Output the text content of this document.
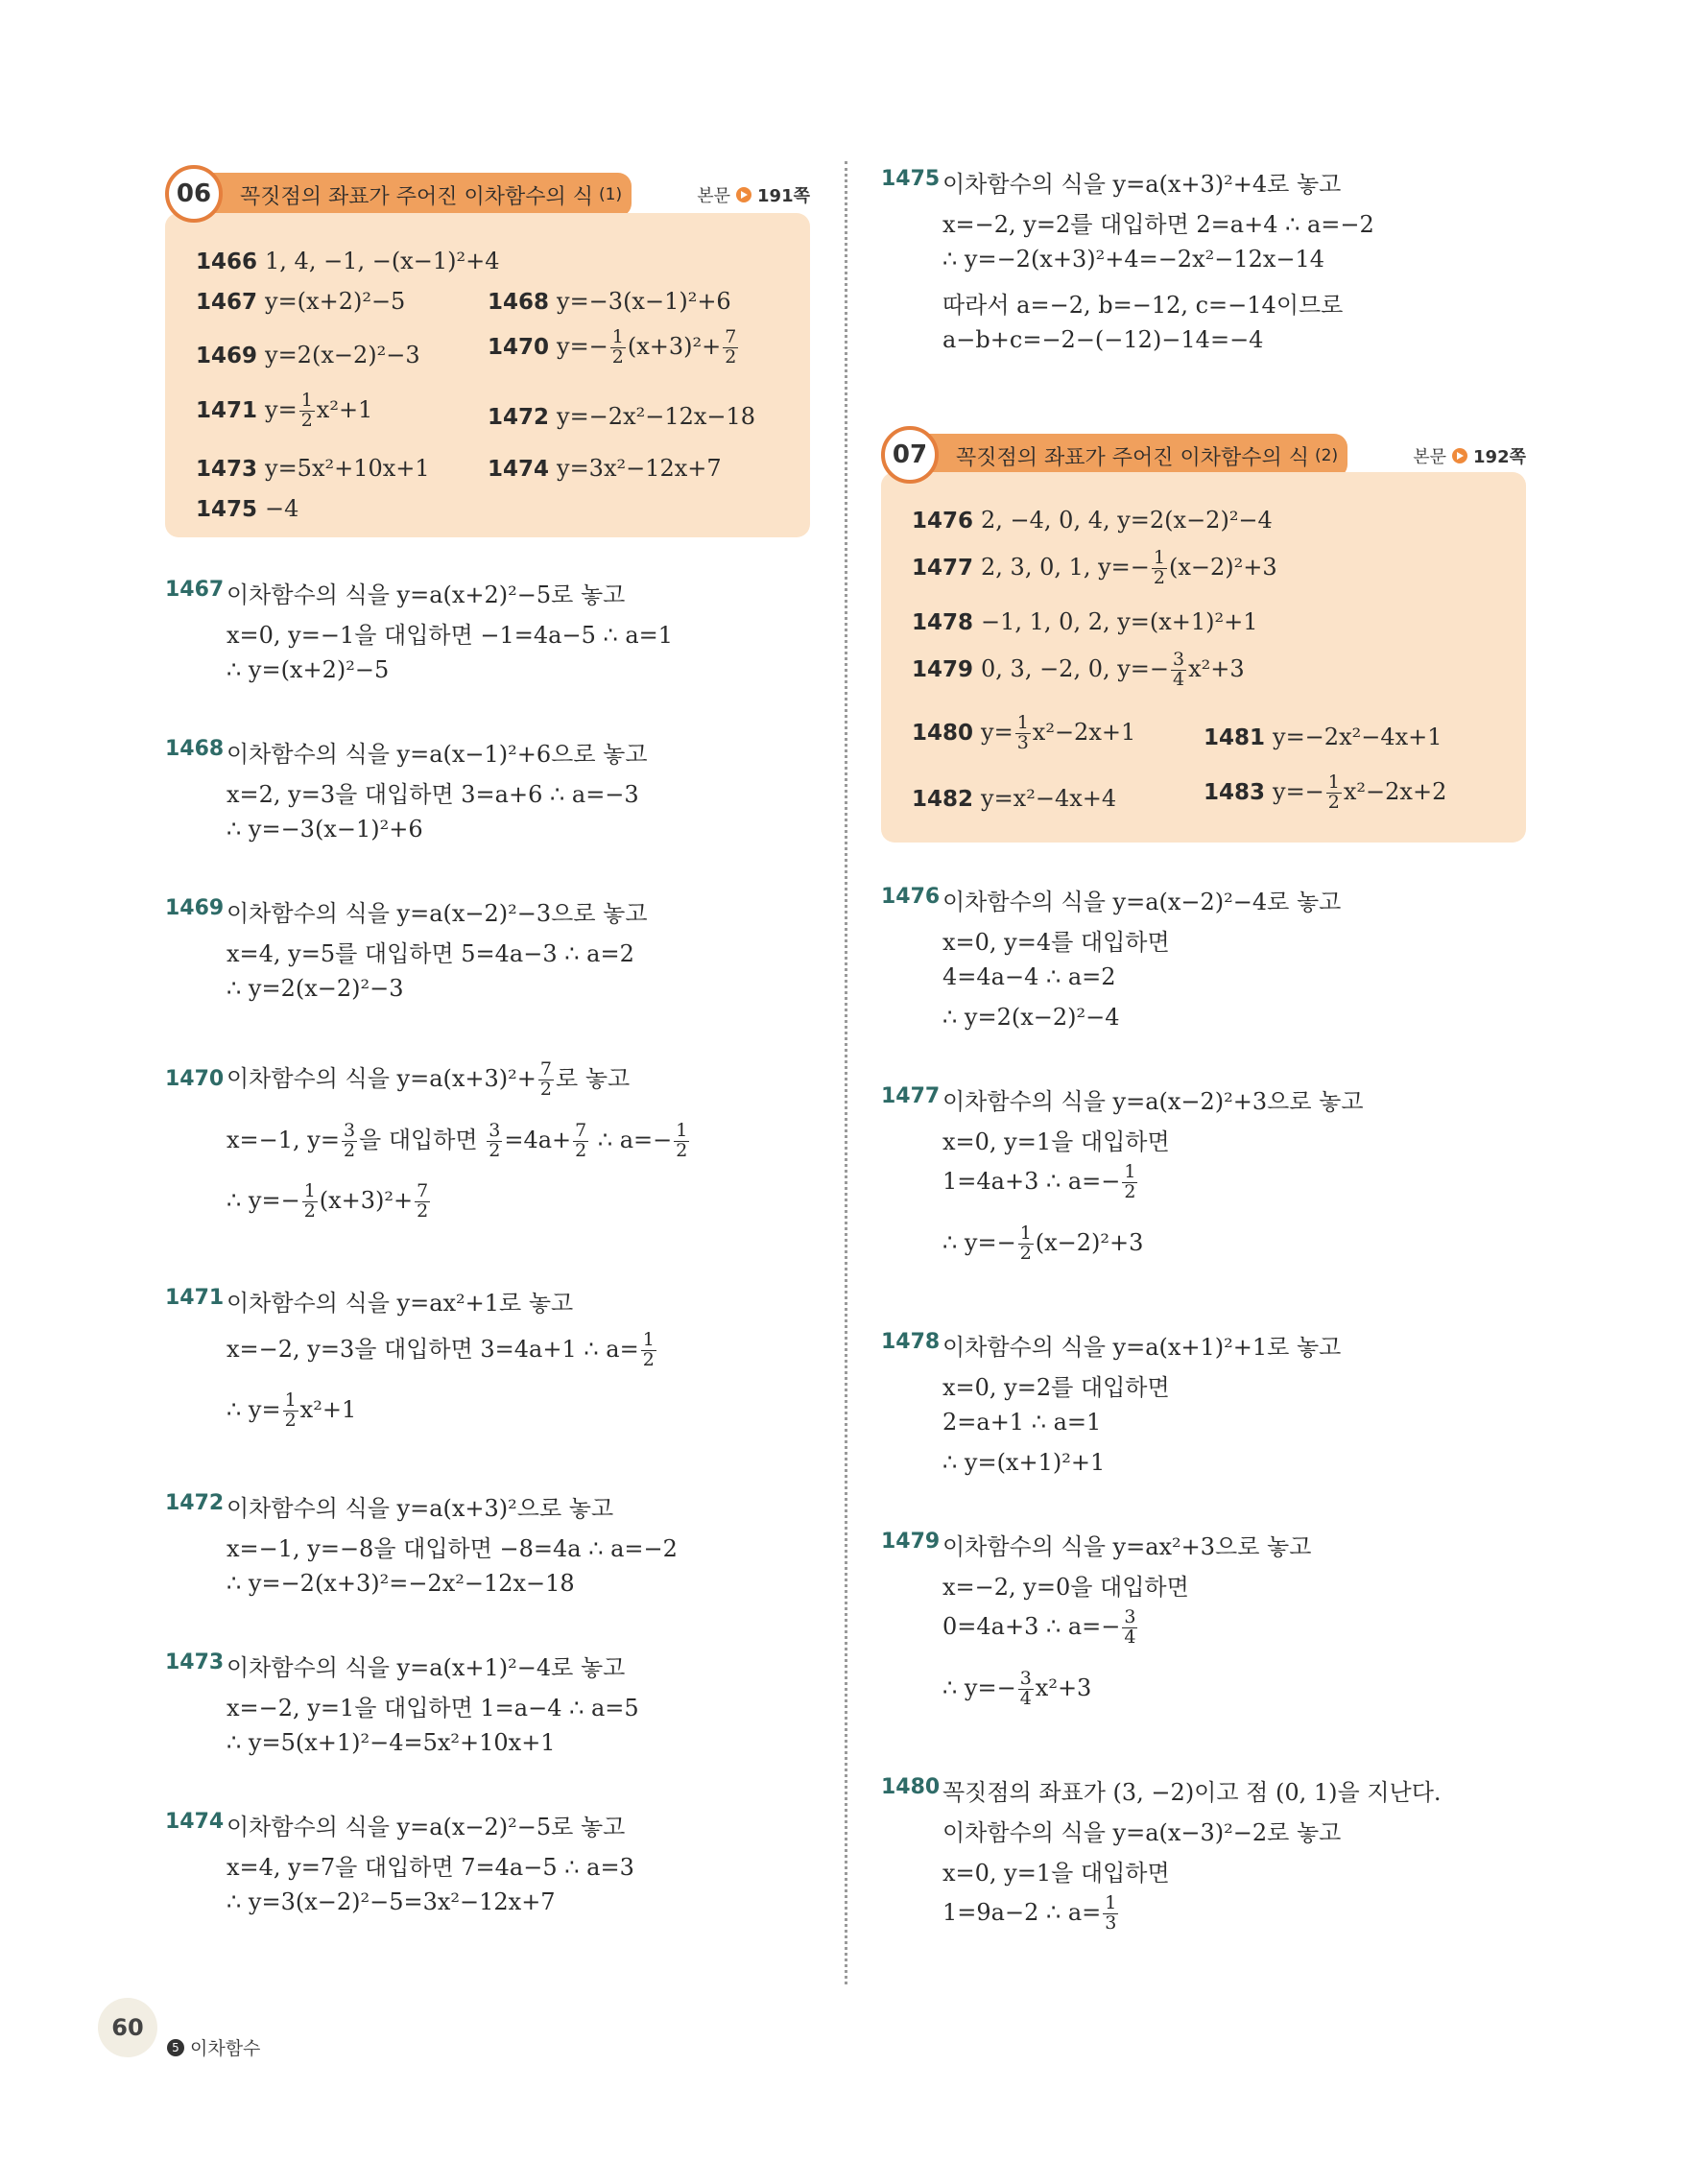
06	꼭짓점의 좌표가 주어진 이차함수의 식 (1)	본문 191쪽
1466 1, 4, −1, −(x−1)²+4
1467 y=(x+2)²−5	1468 y=−3(x−1)²+6
1469 y=2(x−2)²−3	1470 $y=- \frac{1}{2} (x+3)^2+ \frac{7}{2}$
1471 $y= \frac{1}{2} x^2+1$	1472 y=−2x²−12x−18
1473 y=5x²+10x+1	1474 y=3x²−12x+7
1475 −4
1467 이차함수의 식을 y=a(x+2)²−5로 놓고
x=0, y=−1을 대입하면 −1=4a−5 ∴ a=1
∴ y=(x+2)²−5
1468 이차함수의 식을 y=a(x−1)²+6으로 놓고
x=2, y=3을 대입하면 3=a+6 ∴ a=−3
∴ y=−3(x−1)²+6
1469 이차함수의 식을 y=a(x−2)²−3으로 놓고
x=4, y=5를 대입하면 5=4a−3 ∴ a=2
∴ y=2(x−2)²−3
1470 이차함수의 식을 $y=a(x+3)^2+ \frac{7}{2}$ 로 놓고
x=−1, $y= \frac{3}{2}$ 을 대입하면 $\frac{3}{2} =4a+ \frac{7}{2}$ ∴ $a=- \frac{1}{2}$
∴ $y=- \frac{1}{2} (x+3)^2+ \frac{7}{2}$
1471 이차함수의 식을 y=ax²+1로 놓고
x=−2, y=3을 대입하면 3=4a+1 ∴ $a= \frac{1}{2}$
∴ $y= \frac{1}{2} x^2+1$
1472 이차함수의 식을 y=a(x+3)²으로 놓고
x=−1, y=−8을 대입하면 −8=4a ∴ a=−2
∴ y=−2(x+3)²=−2x²−12x−18
1473 이차함수의 식을 y=a(x+1)²−4로 놓고
x=−2, y=1을 대입하면 1=a−4 ∴ a=5
∴ y=5(x+1)²−4=5x²+10x+1
1474 이차함수의 식을 y=a(x−2)²−5로 놓고
x=4, y=7을 대입하면 7=4a−5 ∴ a=3
∴ y=3(x−2)²−5=3x²−12x+7
1475 이차함수의 식을 y=a(x+3)²+4로 놓고
x=−2, y=2를 대입하면 2=a+4 ∴ a=−2
∴ y=−2(x+3)²+4=−2x²−12x−14
따라서 a=−2, b=−12, c=−14이므로
a−b+c=−2−(−12)−14=−4
07	꼭짓점의 좌표가 주어진 이차함수의 식 (2)	본문 192쪽
1476 2, −4, 0, 4, y=2(x−2)²−4
1477 2, 3, 0, 1, $y=- \frac{1}{2} (x-2)^2+3$
1478 −1, 1, 0, 2, y=(x+1)²+1
1479 0, 3, −2, 0, $y=- \frac{3}{4} x^2+3$
1480 $y= \frac{1}{3} x^2-2x+1$	1481 y=−2x²−4x+1
1482 y=x²−4x+4	1483 $y=- \frac{1}{2} x^2-2x+2$
1476 이차함수의 식을 y=a(x−2)²−4로 놓고
x=0, y=4를 대입하면
4=4a−4 ∴ a=2
∴ y=2(x−2)²−4
1477 이차함수의 식을 y=a(x−2)²+3으로 놓고
x=0, y=1을 대입하면
1=4a+3 ∴ $a=- \frac{1}{2}$
∴ $y=- \frac{1}{2} (x-2)^2+3$
1478 이차함수의 식을 y=a(x+1)²+1로 놓고
x=0, y=2를 대입하면
2=a+1 ∴ a=1
∴ y=(x+1)²+1
1479 이차함수의 식을 y=ax²+3으로 놓고
x=−2, y=0을 대입하면
0=4a+3 ∴ $a=- \frac{3}{4}$
∴ $y=- \frac{3}{4} x^2+3$
1480 꼭짓점의 좌표가 (3, −2)이고 점 (0, 1)을 지난다.
이차함수의 식을 y=a(x−3)²−2로 놓고
x=0, y=1을 대입하면
1=9a−2 ∴ $a= \frac{1}{3}$
60
5 이차함수
